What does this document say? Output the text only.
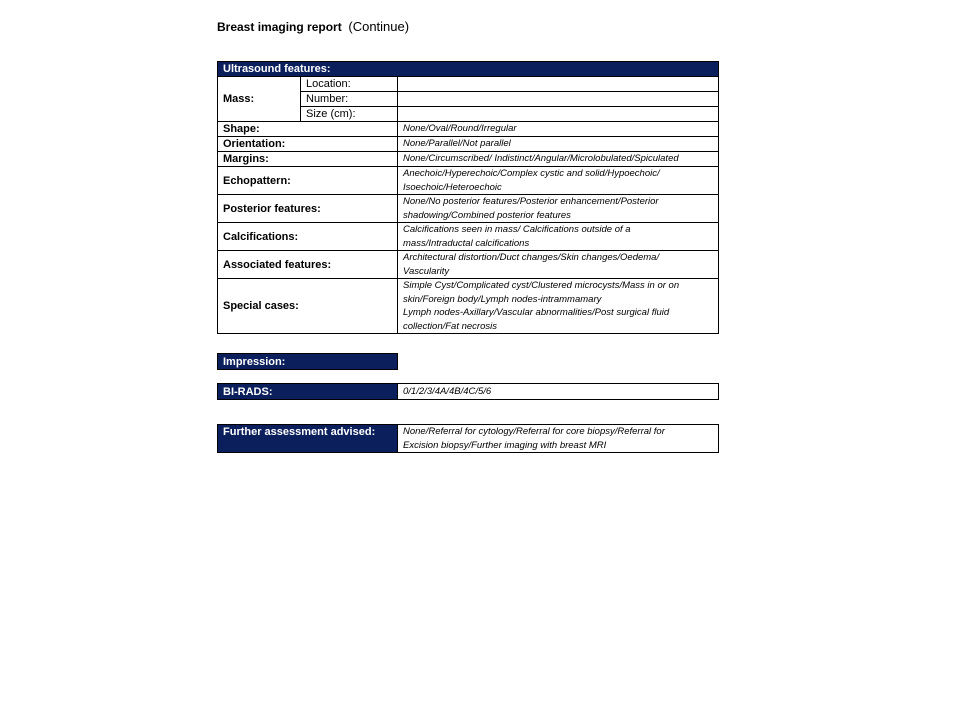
Breast imaging report (Continue)
Ultrasound features:		
Mass:	Location:	
	Number:	
	Size (cm):	
Shape:		None/Oval/Round/Irregular

Orientation:		None/Parallel/Not parallel

Margins:		None/Circumscribed/ Indistinct/Angular/Microlobulated/Spiculated

Echopattern:		Anechoic/Hyperechoic/Complex cystic and solid/Hypoechoic/
Isoechoic/Heteroechoic

Posterior features:		None/No posterior features/Posterior enhancement/Posterior
shadowing/Combined posterior features

Calcifications:		Calcifications seen in mass/ Calcifications outside of a
mass/Intraductal calcifications

Associated features:		Architectural distortion/Duct changes/Skin changes/Oedema/
Vascularity

Special cases:		Simple Cyst/Complicated cyst/Clustered microcysts/Mass in or on
skin/Foreign body/Lymph nodes-intrammamary
Lymph nodes-Axillary/Vascular abnormalities/Post surgical fluid
collection/Fat necrosis
Impression:
BI-RADS:	0/1/2/3/4A/4B/4C/5/6
Further assessment advised:	None/Referral for cytology/Referral for core biopsy/Referral for
Excision biopsy/Further imaging with breast MRI
